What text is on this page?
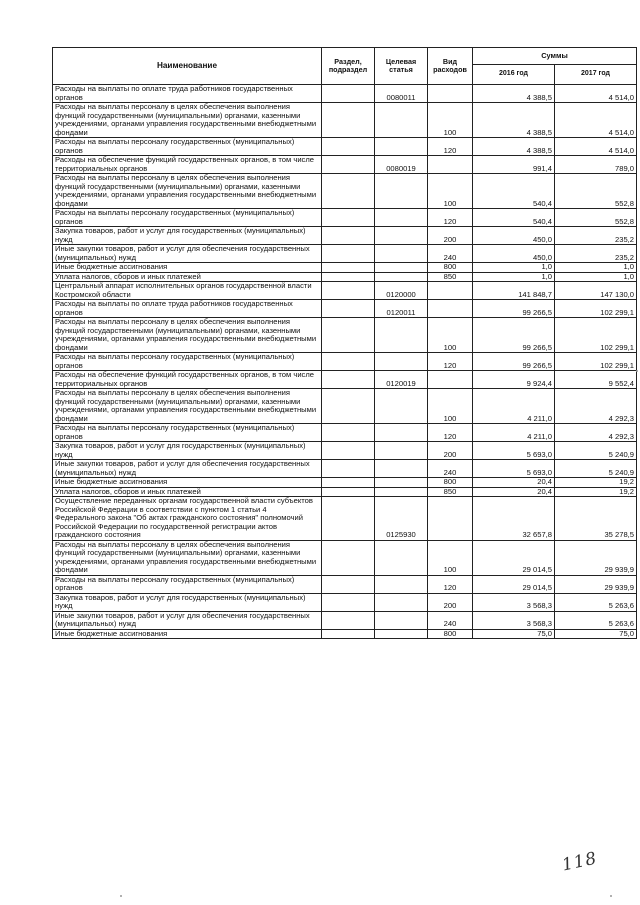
Наименование	Раздел, подраздел	Целевая статья	Вид расходов	Суммы	
				2016 год	2017 год
Расходы на выплаты по оплате труда работников государственных органов		0080011		4 388,5	4 514,0
Расходы на выплаты персоналу в целях обеспечения выполнения функций государственными (муниципальными) органами, казенными учреждениями, органами управления государственными внебюджетными фондами			100	4 388,5	4 514,0
Расходы на выплаты персоналу государственных (муниципальных) органов			120	4 388,5	4 514,0
Расходы на обеспечение функций государственных органов, в том числе территориальных органов		0080019		991,4	789,0
Расходы на выплаты персоналу в целях обеспечения выполнения функций государственными (муниципальными) органами, казенными учреждениями, органами управления государственными внебюджетными фондами			100	540,4	552,8
Расходы на выплаты персоналу государственных (муниципальных) органов			120	540,4	552,8
Закупка товаров, работ и услуг для государственных (муниципальных) нужд			200	450,0	235,2
Иные закупки товаров, работ и услуг для обеспечения государственных (муниципальных) нужд			240	450,0	235,2
Иные бюджетные ассигнования			800	1,0	1,0
Уплата налогов, сборов и иных платежей			850	1,0	1,0
Центральный аппарат исполнительных органов государственной власти Костромской области		0120000		141 848,7	147 130,0
Расходы на выплаты по оплате труда работников государственных органов		0120011		99 266,5	102 299,1
Расходы на выплаты персоналу в целях обеспечения выполнения функций государственными (муниципальными) органами, казенными учреждениями, органами управления государственными внебюджетными фондами			100	99 266,5	102 299,1
Расходы на выплаты персоналу государственных (муниципальных) органов			120	99 266,5	102 299,1
Расходы на обеспечение функций государственных органов, в том числе территориальных органов		0120019		9 924,4	9 552,4
Расходы на выплаты персоналу в целях обеспечения выполнения функций государственными (муниципальными) органами, казенными учреждениями, органами управления государственными внебюджетными фондами			100	4 211,0	4 292,3
Расходы на выплаты персоналу государственных (муниципальных) органов			120	4 211,0	4 292,3
Закупка товаров, работ и услуг для государственных (муниципальных) нужд			200	5 693,0	5 240,9
Иные закупки товаров, работ и услуг для обеспечения государственных (муниципальных) нужд			240	5 693,0	5 240,9
Иные бюджетные ассигнования			800	20,4	19,2
Уплата налогов, сборов и иных платежей			850	20,4	19,2
Осуществление переданных органам государственной власти субъектов Российской Федерации в соответствии с пунктом 1 статьи 4 Федерального закона "Об актах гражданского состояния" полномочий Российской Федерации по государственной регистрации актов гражданского состояния		0125930		32 657,8	35 278,5
Расходы на выплаты персоналу в целях обеспечения выполнения функций государственными (муниципальными) органами, казенными учреждениями, органами управления государственными внебюджетными фондами			100	29 014,5	29 939,9
Расходы на выплаты персоналу государственных (муниципальных) органов			120	29 014,5	29 939,9
Закупка товаров, работ и услуг для государственных (муниципальных) нужд			200	3 568,3	5 263,6
Иные закупки товаров, работ и услуг для обеспечения государственных (муниципальных) нужд			240	3 568,3	5 263,6
Иные бюджетные ассигнования			800	75,0	75,0
118
